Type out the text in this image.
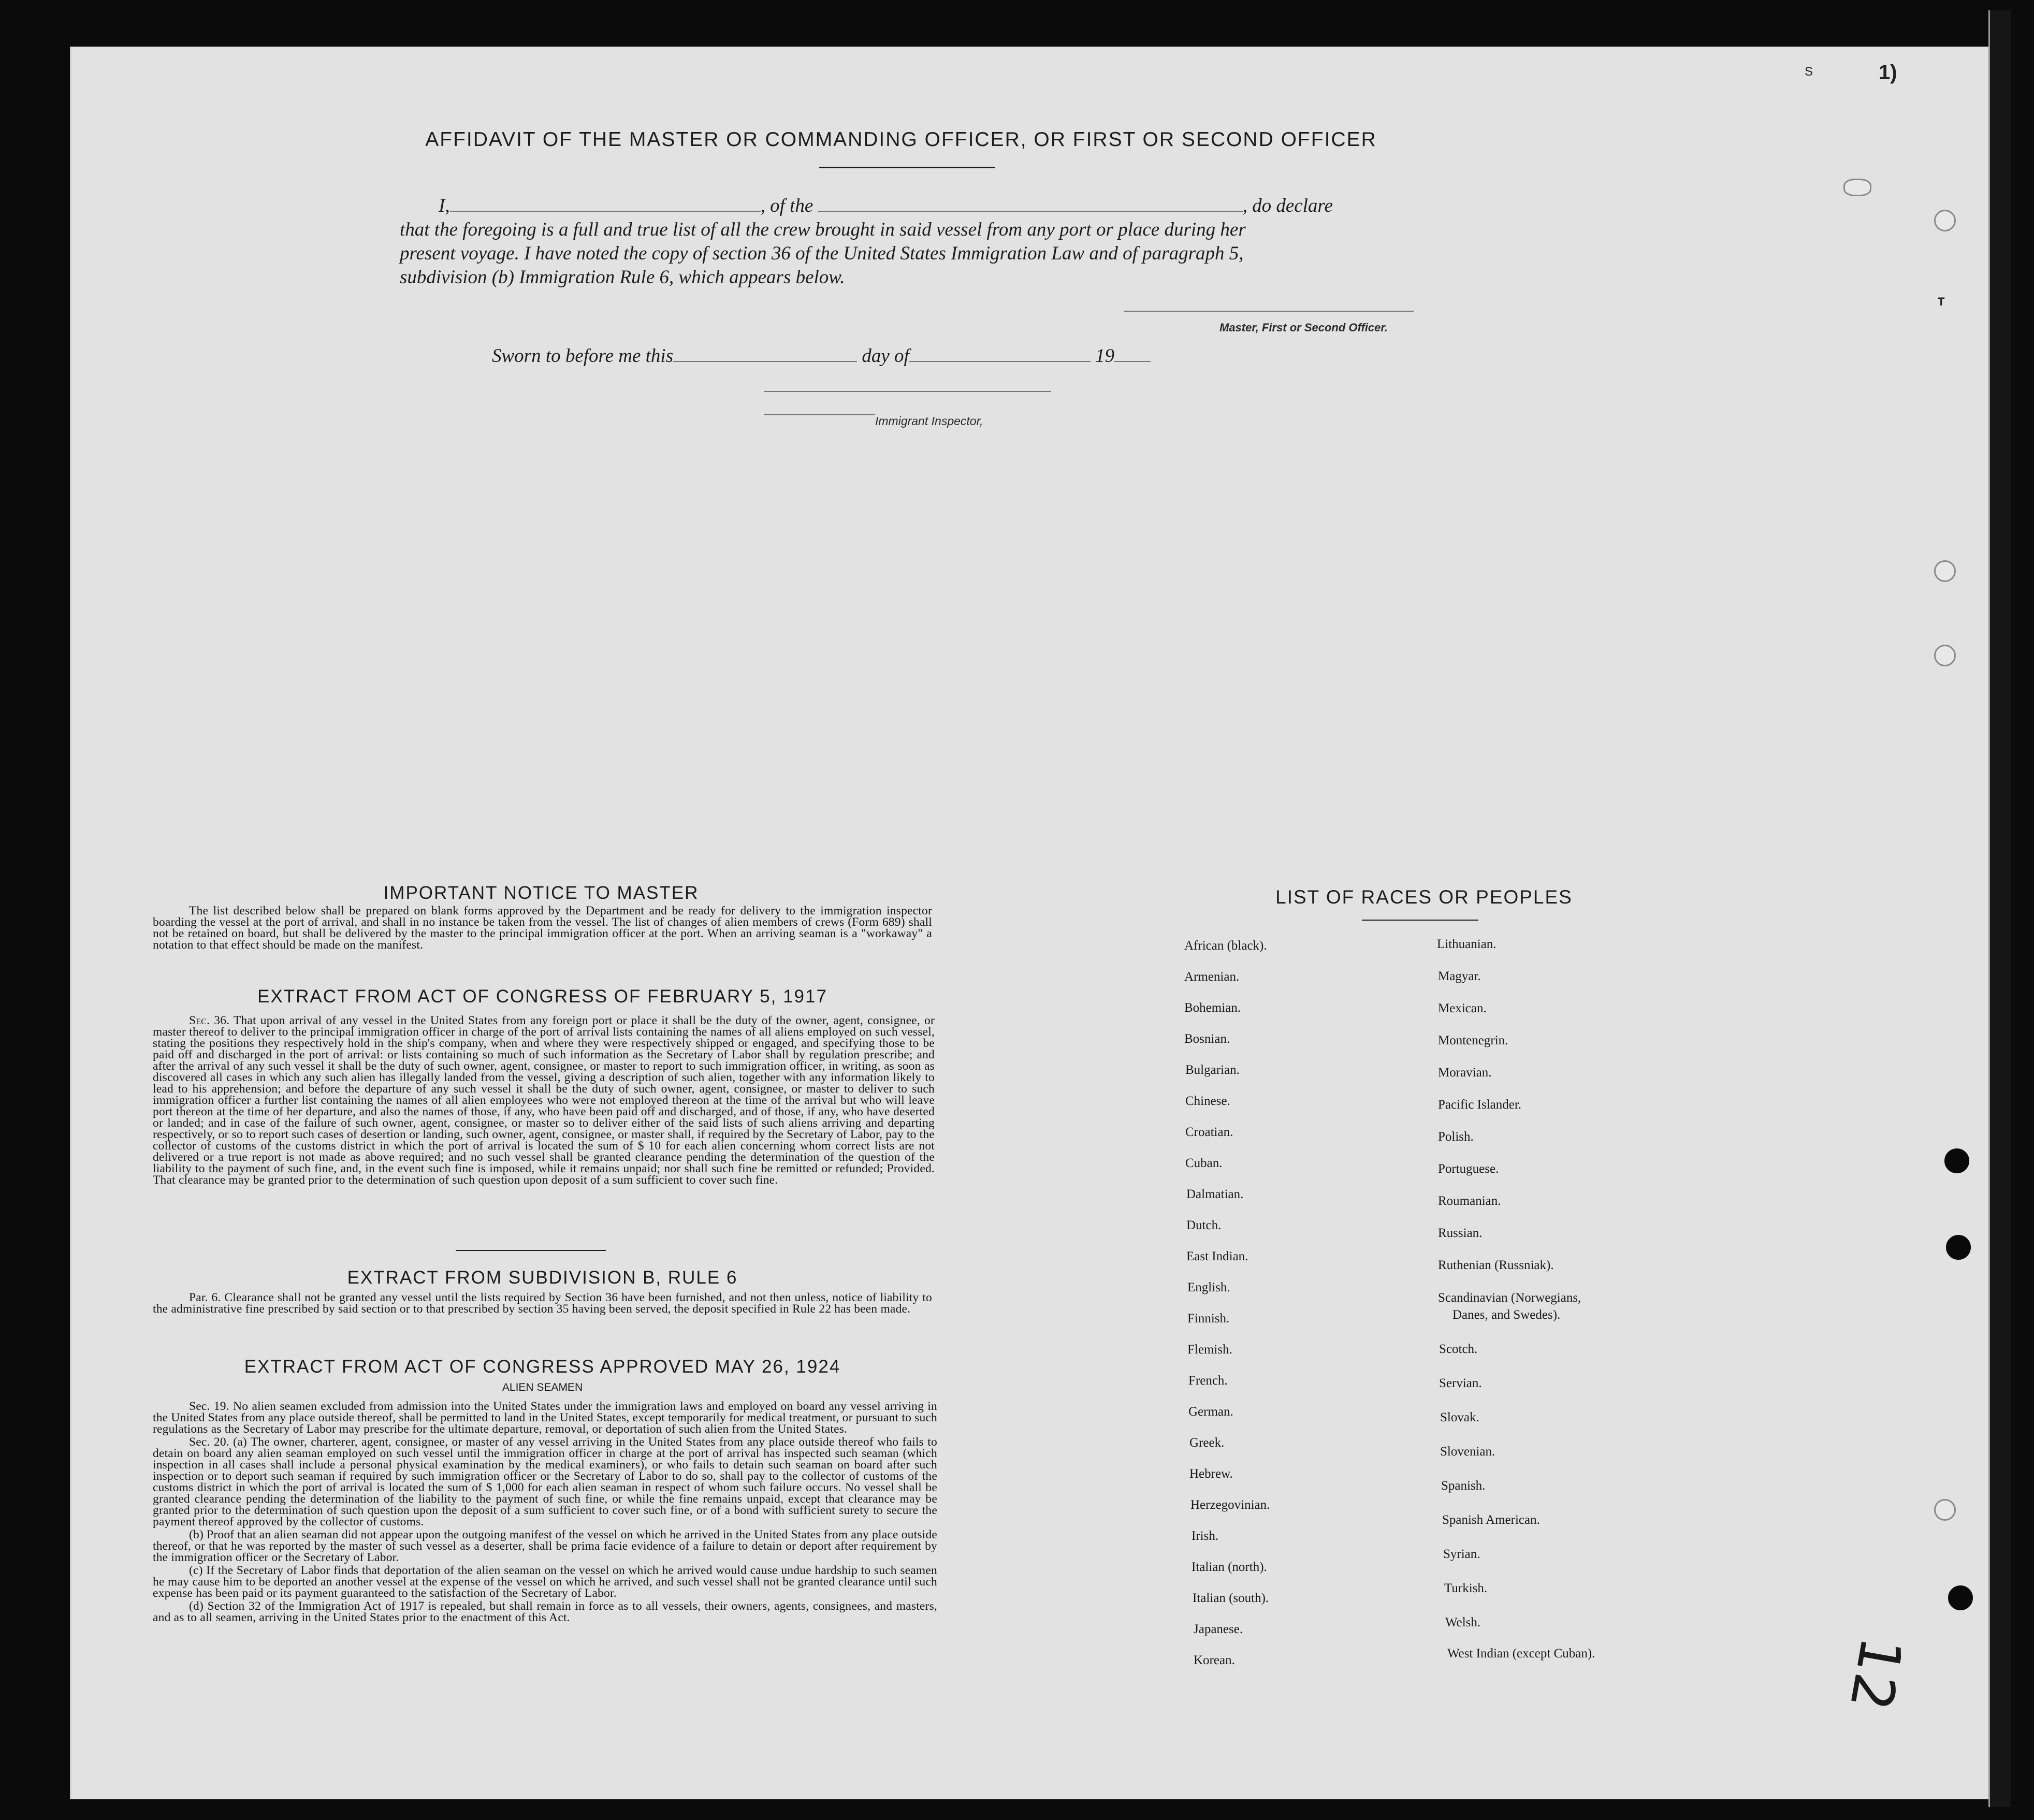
AFFIDAVIT OF THE MASTER OR COMMANDING OFFICER, OR FIRST OR SECOND OFFICER
I,	, of the	, do declare
that the foregoing is a full and true list of all the crew brought in said vessel from any port or place during her
present voyage. I have noted the copy of section 36 of the United States Immigration Law and of paragraph 5,
subdivision (b) Immigration Rule 6, which appears below.
Master, First or Second Officer.
Sworn to before me this	day of	19
Immigrant Inspector,
IMPORTANT NOTICE TO MASTER
The list described below shall be prepared on blank forms approved by the Department and be ready for delivery to the immigration inspector boarding the vessel at the port of arrival, and shall in no instance be taken from the vessel. The list of changes of alien members of crews (Form 689) shall not be retained on board, but shall be delivered by the master to the principal immigration officer at the port. When an arriving seaman is a "workaway" a notation to that effect should be made on the manifest.
EXTRACT FROM ACT OF CONGRESS OF FEBRUARY 5, 1917

Sec. 36. That upon arrival of any vessel in the United States from any foreign port or place it shall be the duty of the owner, agent, consignee, or master thereof to deliver to the principal immigration officer in charge of the port of arrival lists containing the names of all aliens employed on such vessel, stating the positions they respectively hold in the ship's company, when and where they were respectively shipped or engaged, and specifying those to be paid off and discharged in the port of arrival: or lists containing so much of such information as the Secretary of Labor shall by regulation prescribe; and after the arrival of any such vessel it shall be the duty of such owner, agent, consignee, or master to report to such immigration officer, in writing, as soon as discovered all cases in which any such alien has illegally landed from the vessel, giving a description of such alien, together with any information likely to lead to his apprehension; and before the departure of any such vessel it shall be the duty of such owner, agent, consignee, or master to deliver to such immigration officer a further list containing the names of all alien employees who were not employed thereon at the time of the arrival but who will leave port thereon at the time of her departure, and also the names of those, if any, who have been paid off and discharged, and of those, if any, who have deserted or landed; and in case of the failure of such owner, agent, consignee, or master so to deliver either of the said lists of such aliens arriving and departing respectively, or so to report such cases of desertion or landing, such owner, agent, consignee, or master shall, if required by the Secretary of Labor, pay to the collector of customs of the customs district in which the port of arrival is located the sum of $ 10 for each alien concerning whom correct lists are not delivered or a true report is not made as above required; and no such vessel shall be granted clearance pending the determination of the question of the liability to the payment of such fine, and, in the event such fine is imposed, while it remains unpaid; nor shall such fine be remitted or refunded; Provided. That clearance may be granted prior to the determination of such question upon deposit of a sum sufficient to cover such fine.

EXTRACT FROM SUBDIVISION B, RULE 6
Par. 6. Clearance shall not be granted any vessel until the lists required by Section 36 have been furnished, and not then unless, notice of liability to the administrative fine prescribed by said section or to that prescribed by section 35 having been served, the deposit specified in Rule 22 has been made.
EXTRACT FROM ACT OF CONGRESS APPROVED MAY 26, 1924
ALIEN SEAMEN

Sec. 19. No alien seamen excluded from admission into the United States under the immigration laws and employed on board any vessel arriving in the United States from any place outside thereof, shall be permitted to land in the United States, except temporarily for medical treatment, or pursuant to such regulations as the Secretary of Labor may prescribe for the ultimate departure, removal, or deportation of such alien from the United States.

Sec. 20. (a) The owner, charterer, agent, consignee, or master of any vessel arriving in the United States from any place outside thereof who fails to detain on board any alien seaman employed on such vessel until the immigration officer in charge at the port of arrival has inspected such seaman (which inspection in all cases shall include a personal physical examination by the medical examiners), or who fails to detain such seaman on board after such inspection or to deport such seaman if required by such immigration officer or the Secretary of Labor to do so, shall pay to the collector of customs of the customs district in which the port of arrival is located the sum of $ 1,000 for each alien seaman in respect of whom such failure occurs. No vessel shall be granted clearance pending the determination of the liability to the payment of such fine, or while the fine remains unpaid, except that clearance may be granted prior to the determination of such question upon the deposit of a sum sufficient to cover such fine, or of a bond with sufficient surety to secure the payment thereof approved by the collector of customs.

(b) Proof that an alien seaman did not appear upon the outgoing manifest of the vessel on which he arrived in the United States from any place outside thereof, or that he was reported by the master of such vessel as a deserter, shall be prima facie evidence of a failure to detain or deport after requirement by the immigration officer or the Secretary of Labor.

(c) If the Secretary of Labor finds that deportation of the alien seaman on the vessel on which he arrived would cause undue hardship to such seamen he may cause him to be deported an another vessel at the expense of the vessel on which he arrived, and such vessel shall not be granted clearance until such expense has been paid or its payment guaranteed to the satisfaction of the Secretary of Labor.

(d) Section 32 of the Immigration Act of 1917 is repealed, but shall remain in force as to all vessels, their owners, agents, consignees, and masters, and as to all seamen, arriving in the United States prior to the enactment of this Act.

LIST OF RACES OR PEOPLES
African (black).
Armenian.
Bohemian.
Bosnian.
Bulgarian.
Chinese.
Croatian.
Cuban.
Dalmatian.
Dutch.
East Indian.
English.
Finnish.
Flemish.
French.
German.
Greek.
Hebrew.
Herzegovinian.
Irish.
Italian (north).
Italian (south).
Japanese.
Korean.
Lithuanian.
Magyar.
Mexican.
Montenegrin.
Moravian.
Pacific Islander.
Polish.
Portuguese.
Roumanian.
Russian.
Ruthenian (Russniak).
Scandinavian (Norwegians,
Danes, and Swedes).
Scotch.
Servian.
Slovak.
Slovenian.
Spanish.
Spanish American.
Syrian.
Turkish.
Welsh.
West Indian (except Cuban).
S	1)
T
12
